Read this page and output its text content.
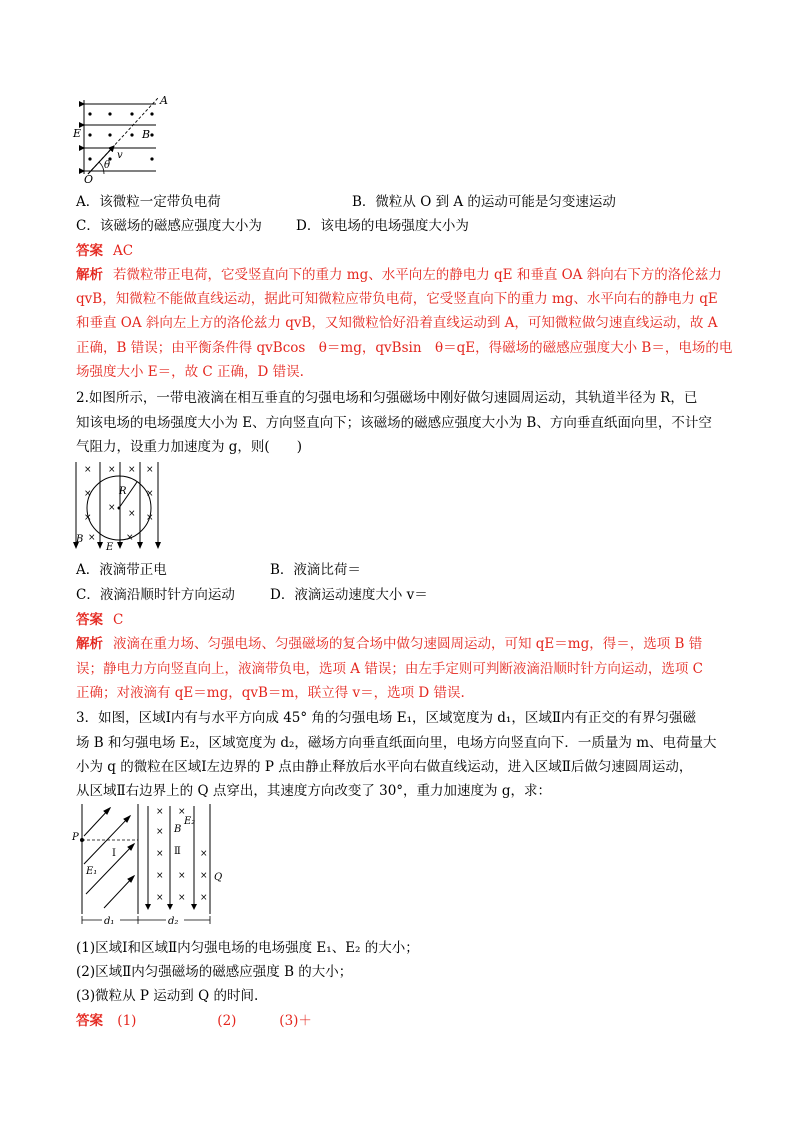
A
E	B
O
v
θ
A．该微粒一定带负电荷	B．微粒从 O 到 A 的运动可能是匀变速运动
C．该磁场的磁感应强度大小为	D．该电场的电场强度大小为
答案 AC
解析 若微粒带正电荷，它受竖直向下的重力 mg、水平向左的静电力 qE 和垂直 OA 斜向右下方的洛伦兹力
qvB，知微粒不能做直线运动，据此可知微粒应带负电荷，它受竖直向下的重力 mg、水平向右的静电力 qE
和垂直 OA 斜向左上方的洛伦兹力 qvB，又知微粒恰好沿着直线运动到 A，可知微粒做匀速直线运动，故 A
正确，B 错误；由平衡条件得 qvBcos　θ＝mg，qvBsin　θ＝qE，得磁场的磁感应强度大小 B＝，电场的电
场强度大小 E＝，故 C 正确，D 错误.
2.如图所示，一带电液滴在相互垂直的匀强电场和匀强磁场中刚好做匀速圆周运动，其轨道半径为 R，已
知该电场的电场强度大小为 E、方向竖直向下；该磁场的磁感应强度大小为 B、方向垂直纸面向里，不计空
气阻力，设重力加速度为 g，则(　　)
× × × ×
×	×
×
×
×	×
×	×
R
B
E
A．液滴带正电	B．液滴比荷＝
C．液滴沿顺时针方向运动	D．液滴运动速度大小 v＝
答案 C
解析 液滴在重力场、匀强电场、匀强磁场的复合场中做匀速圆周运动，可知 qE＝mg，得＝，选项 B 错
误；静电力方向竖直向上，液滴带负电，选项 A 错误；由左手定则可判断液滴沿顺时针方向运动，选项 C
正确；对液滴有 qE＝mg，qvB＝m，联立得 v＝，选项 D 错误.
3．如图，区域Ⅰ内有与水平方向成 45° 角的匀强电场 E₁，区域宽度为 d₁，区域Ⅱ内有正交的有界匀强磁
场 B 和匀强电场 E₂，区域宽度为 d₂，磁场方向垂直纸面向里，电场方向竖直向下．一质量为 m、电荷量大
小为 q 的微粒在区域Ⅰ左边界的 P 点由静止释放后水平向右做直线运动，进入区域Ⅱ后做匀速圆周运动，
从区域Ⅱ右边界上的 Q 点穿出，其速度方向改变了 30°，重力加速度为 g，求：
×
×
×
×
×
×
×
×
×
×
×
P
Ⅰ
E₁
B
E₂
Ⅱ
Q
d₁	d₂
(1)区域Ⅰ和区域Ⅱ内匀强电场的电场强度 E₁、E₂ 的大小；
(2)区域Ⅱ内匀强磁场的磁感应强度 B 的大小；
(3)微粒从 P 运动到 Q 的时间.
答案 (1)	(2)	(3)＋
